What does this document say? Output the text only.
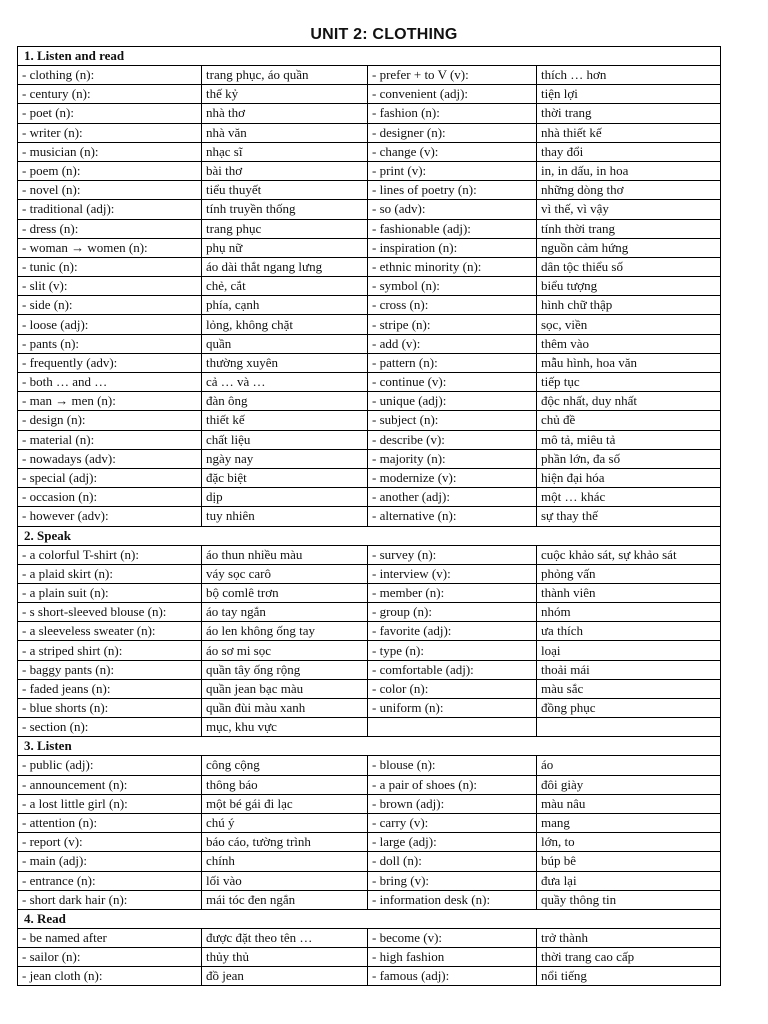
UNIT 2: CLOTHING
1. Listen and read			
- clothing (n):	trang phục, áo quần	- prefer + to V (v):	thích … hơn
- century (n):	thế kỷ	- convenient (adj):	tiện lợi
- poet (n):	nhà thơ	- fashion (n):	thời trang
- writer (n):	nhà văn	- designer (n):	nhà thiết kế
- musician (n):	nhạc sĩ	- change (v):	thay đổi
- poem (n):	bài thơ	- print (v):	in, in dấu, in hoa
- novel (n):	tiểu thuyết	- lines of poetry (n):	những dòng thơ
- traditional (adj):	tính truyền thống	- so (adv):	vì thế, vì vậy
- dress (n):	trang phục	- fashionable (adj):	tính thời trang
- woman → women (n):	phụ nữ	- inspiration (n):	nguồn cảm hứng
- tunic (n):	áo dài thắt ngang lưng	- ethnic minority (n):	dân tộc thiểu số
- slit (v):	chẻ, cắt	- symbol (n):	biểu tượng
- side (n):	phía, cạnh	- cross (n):	hình chữ thập
- loose (adj):	lỏng, không chặt	- stripe (n):	sọc, viền
- pants (n):	quần	- add (v):	thêm vào
- frequently (adv):	thường xuyên	- pattern (n):	mẫu hình, hoa văn
- both … and …	cả … và …	- continue (v):	tiếp tục
- man → men (n):	đàn ông	- unique (adj):	độc nhất, duy nhất
- design (n):	thiết kế	- subject (n):	chủ đề
- material (n):	chất liệu	- describe (v):	mô tả, miêu tả
- nowadays (adv):	ngày nay	- majority (n):	phần lớn, đa số
- special (adj):	đặc biệt	- modernize (v):	hiện đại hóa
- occasion (n):	dịp	- another (adj):	một … khác
- however (adv):	tuy nhiên	- alternative (n):	sự thay thế
2. Speak			
- a colorful T-shirt (n):	áo thun nhiều màu	- survey (n):	cuộc khảo sát, sự khảo sát
- a plaid skirt (n):	váy sọc carô	- interview (v):	phỏng vấn
- a plain suit (n):	bộ comlê trơn	- member (n):	thành viên
- s short-sleeved blouse (n):	áo tay ngắn	- group (n):	nhóm
- a sleeveless sweater (n):	áo len không ống tay	- favorite (adj):	ưa thích
- a striped shirt (n):	áo sơ mi sọc	- type (n):	loại
- baggy pants (n):	quần tây ống rộng	- comfortable (adj):	thoải mái
- faded jeans (n):	quần jean bạc màu	- color (n):	màu sắc
- blue shorts (n):	quần đùi màu xanh	- uniform (n):	đồng phục
- section (n):	mục, khu vực		
3. Listen			
- public (adj):	công cộng	- blouse (n):	áo
- announcement (n):	thông báo	- a pair of shoes (n):	đôi giày
- a lost little girl (n):	một bé gái đi lạc	- brown (adj):	màu nâu
- attention (n):	chú ý	- carry (v):	mang
- report (v):	báo cáo, tường trình	- large (adj):	lớn, to
- main (adj):	chính	- doll (n):	búp bê
- entrance (n):	lối vào	- bring (v):	đưa lại
- short dark hair (n):	mái tóc đen ngắn	- information desk (n):	quầy thông tin
4. Read			
- be named after	được đặt theo tên …	- become (v):	trở thành
- sailor (n):	thủy thủ	- high fashion	thời trang cao cấp
- jean cloth (n):	đồ jean	- famous (adj):	nổi tiếng
